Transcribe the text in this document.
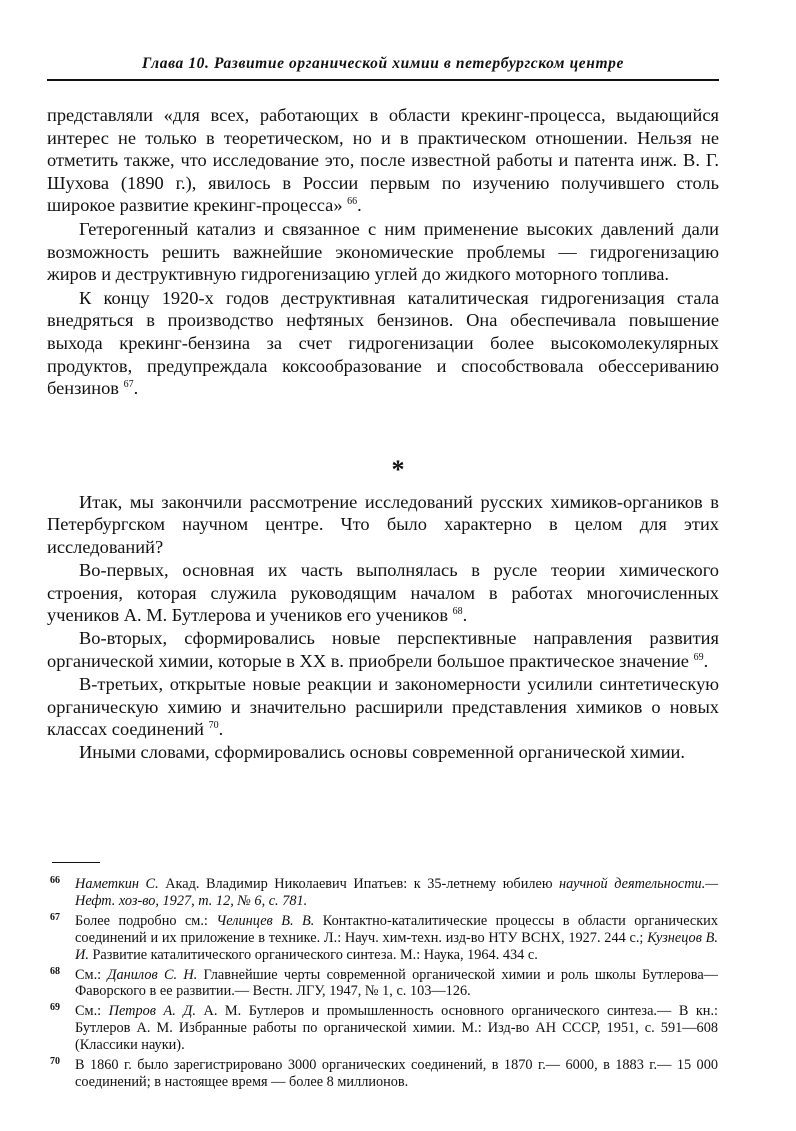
Глава 10. Развитие органической химии в петербургском центре

представляли «для всех, работающих в области крекинг-процесса, выдающийся интерес не только в теоретическом, но и в практическом отношении. Нельзя не отметить также, что исследование это, после известной работы и патента инж. В. Г. Шухова (1890 г.), явилось в России первым по изучению получившего столь широкое развитие крекинг-процесса» $^{66}$.

Гетерогенный катализ и связанное с ним применение высоких давлений дали возможность решить важнейшие экономические проблемы — гидрогенизацию жиров и деструктивную гидрогенизацию углей до жидкого моторного топлива.

К концу 1920-х годов деструктивная каталитическая гидрогенизация стала внедряться в производство нефтяных бензинов. Она обеспечивала повышение выхода крекинг-бензина за счет гидрогенизации более высокомолекулярных продуктов, предупреждала коксообразование и способствовала обессериванию бензинов $^{67}$.

*

Итак, мы закончили рассмотрение исследований русских химиков-органиков в Петербургском научном центре. Что было характерно в целом для этих исследований?

Во-первых, основная их часть выполнялась в русле теории химического строения, которая служила руководящим началом в работах многочисленных учеников А. М. Бутлерова и учеников его учеников $^{68}$.

Во-вторых, сформировались новые перспективные направления развития органической химии, которые в XX в. приобрели большое практическое значение $^{69}$.

В-третьих, открытые новые реакции и закономерности усилили синтетическую органическую химию и значительно расширили представления химиков о новых классах соединений $^{70}$.

Иными словами, сформировались основы современной органической химии.

66 Наметкин С. Акад. Владимир Николаевич Ипатьев: к 35-летнему юбилею научной деятельности.— Нефт. хоз-во, 1927, т. 12, № 6, с. 781.

67 Более подробно см.: Челинцев В. В. Контактно-каталитические процессы в области органических соединений и их приложение в технике. Л.: Науч. хим-техн. изд-во НТУ ВСНХ, 1927. 244 с.; Кузнецов В. И. Развитие каталитического органического синтеза. М.: Наука, 1964. 434 с.

68 См.: Данилов С. Н. Главнейшие черты современной органической химии и роль школы Бутлерова—Фаворского в ее развитии.— Вестн. ЛГУ, 1947, № 1, с. 103—126.

69 См.: Петров А. Д. А. М. Бутлеров и промышленность основного органического синтеза.— В кн.: Бутлеров А. М. Избранные работы по органической химии. М.: Изд-во АН СССР, 1951, с. 591—608 (Классики науки).

70 В 1860 г. было зарегистрировано 3000 органических соединений, в 1870 г.— 6000, в 1883 г.— 15 000 соединений; в настоящее время — более 8 миллионов.
